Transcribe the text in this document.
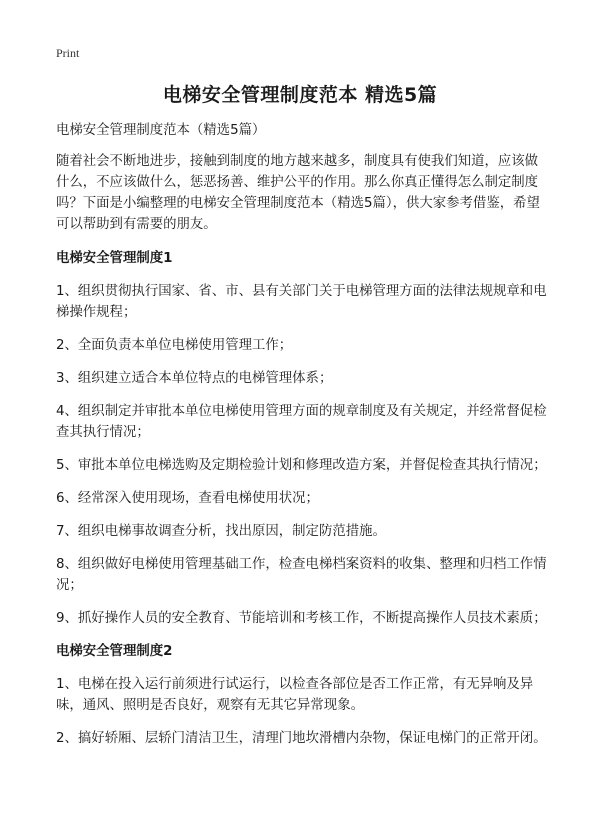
Print
电梯安全管理制度范本 精选5篇

电梯安全管理制度范本（精选5篇）

随着社会不断地进步，接触到制度的地方越来越多，制度具有使我们知道，应该做什么，不应该做什么，惩恶扬善、维护公平的作用。那么你真正懂得怎么制定制度吗？下面是小编整理的电梯安全管理制度范本（精选5篇），供大家参考借鉴，希望可以帮助到有需要的朋友。

电梯安全管理制度1

1、组织贯彻执行国家、省、市、县有关部门关于电梯管理方面的法律法规规章和电梯操作规程；

2、全面负责本单位电梯使用管理工作；

3、组织建立适合本单位特点的电梯管理体系；

4、组织制定并审批本单位电梯使用管理方面的规章制度及有关规定，并经常督促检查其执行情况；

5、审批本单位电梯选购及定期检验计划和修理改造方案，并督促检查其执行情况；

6、经常深入使用现场，查看电梯使用状况；

7、组织电梯事故调查分析，找出原因，制定防范措施。

8、组织做好电梯使用管理基础工作，检查电梯档案资料的收集、整理和归档工作情况；

9、抓好操作人员的安全教育、节能培训和考核工作，不断提高操作人员技术素质；

电梯安全管理制度2

1、电梯在投入运行前须进行试运行，以检查各部位是否工作正常，有无异响及异味，通风、照明是否良好，观察有无其它异常现象。

2、搞好轿厢、层轿门清洁卫生，清理门地坎滑槽内杂物，保证电梯门的正常开闭。
